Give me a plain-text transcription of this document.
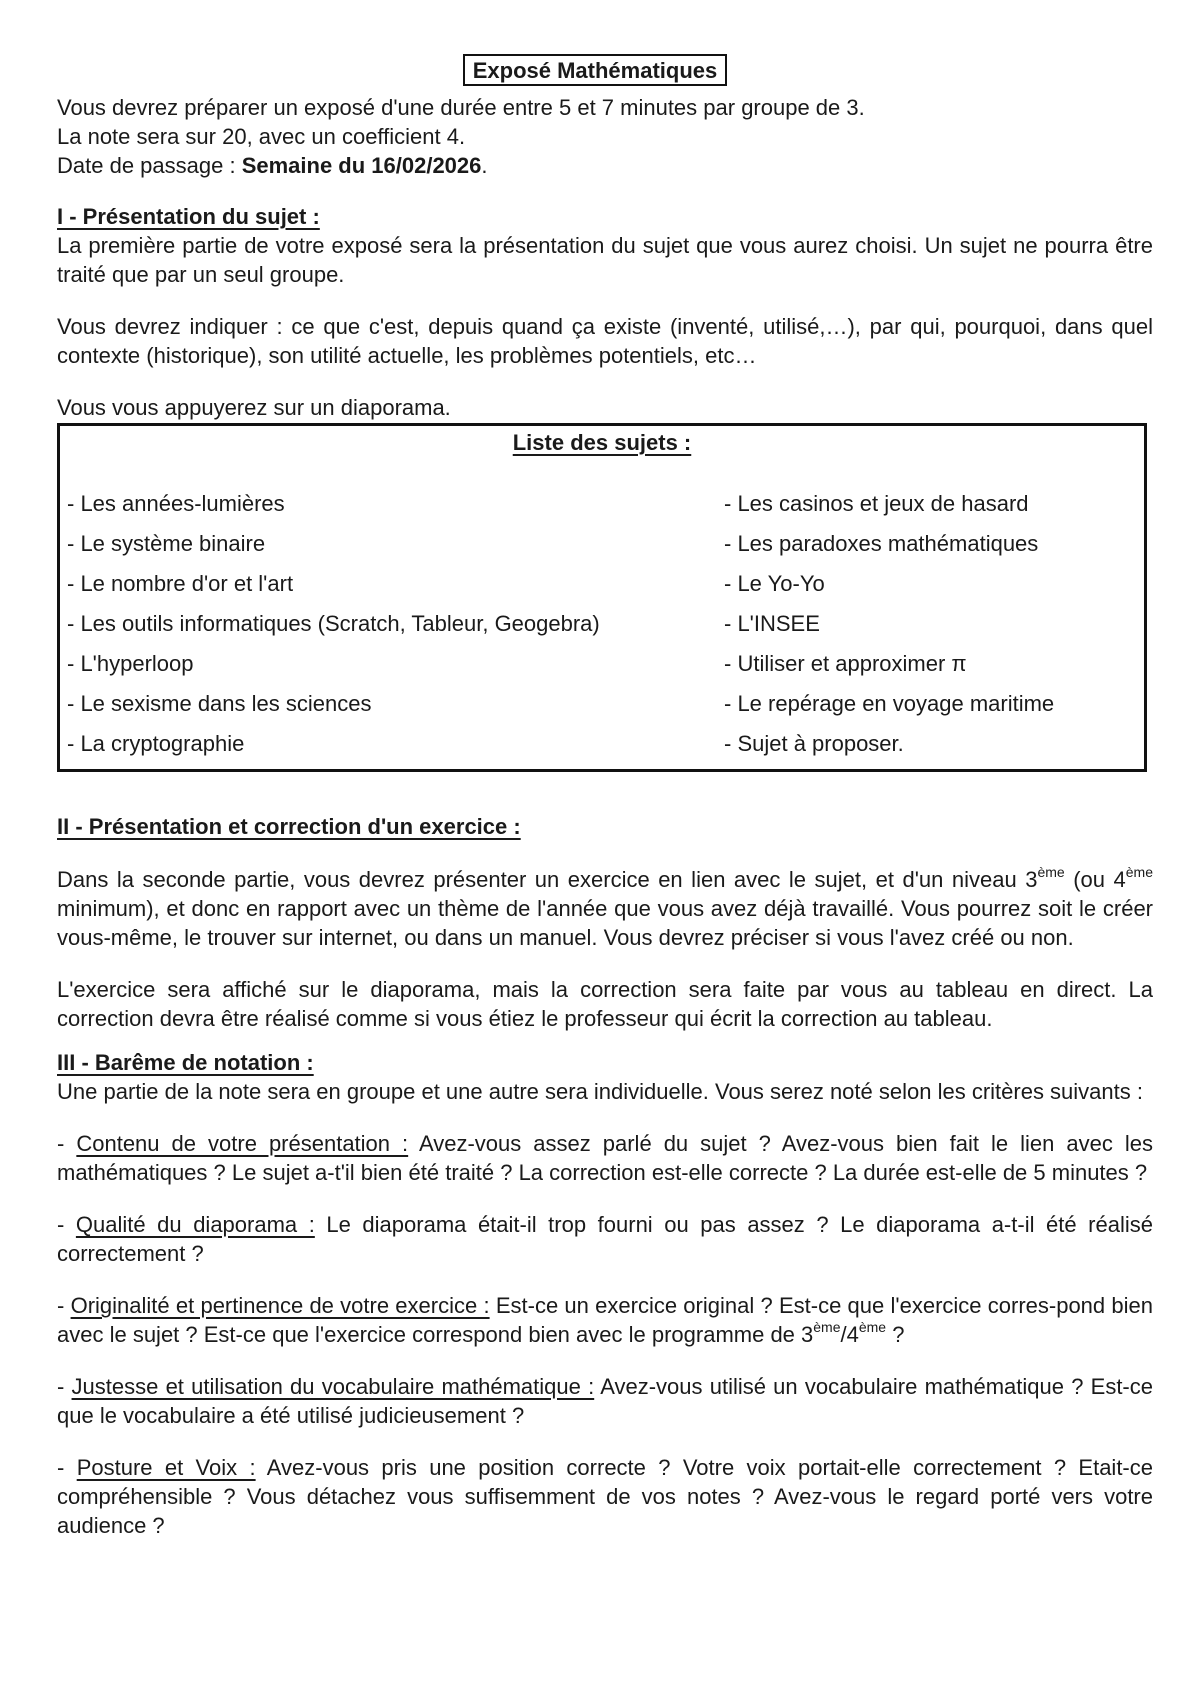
Exposé Mathématiques
Vous devrez préparer un exposé d'une durée entre 5 et 7 minutes par groupe de 3.
La note sera sur 20, avec un coefficient 4.
Date de passage : Semaine du 16/02/2026.
I - Présentation du sujet :

La première partie de votre exposé sera la présentation du sujet que vous aurez choisi. Un sujet ne pourra être traité que par un seul groupe.

Vous devrez indiquer : ce que c'est, depuis quand ça existe (inventé, utilisé,…), par qui, pourquoi, dans quel contexte (historique), son utilité actuelle, les problèmes potentiels, etc…

Vous vous appuyerez sur un diaporama.

Liste des sujets :
- Les années-lumières
- Le système binaire
- Le nombre d'or et l'art
- Les outils informatiques (Scratch, Tableur, Geogebra)
- L'hyperloop
- Le sexisme dans les sciences
- La cryptographie
- Les casinos et jeux de hasard
- Les paradoxes mathématiques
- Le Yo-Yo
- L'INSEE
- Utiliser et approximer π
- Le repérage en voyage maritime
- Sujet à proposer.
II - Présentation et correction d'un exercice :

Dans la seconde partie, vous devrez présenter un exercice en lien avec le sujet, et d'un niveau 3ème (ou 4ème minimum), et donc en rapport avec un thème de l'année que vous avez déjà travaillé. Vous pourrez soit le créer vous-même, le trouver sur internet, ou dans un manuel. Vous devrez préciser si vous l'avez créé ou non.

L'exercice sera affiché sur le diaporama, mais la correction sera faite par vous au tableau en direct. La correction devra être réalisé comme si vous étiez le professeur qui écrit la correction au tableau.

III - Barême de notation :

Une partie de la note sera en groupe et une autre sera individuelle. Vous serez noté selon les critères suivants :

- Contenu de votre présentation : Avez-vous assez parlé du sujet ? Avez-vous bien fait le lien avec les mathématiques ? Le sujet a-t'il bien été traité ? La correction est-elle correcte ? La durée est-elle de 5 minutes ?

- Qualité du diaporama : Le diaporama était-il trop fourni ou pas assez ? Le diaporama a-t-il été réalisé correctement ?

- Originalité et pertinence de votre exercice : Est-ce un exercice original ? Est-ce que l'exercice corres-pond bien avec le sujet ? Est-ce que l'exercice correspond bien avec le programme de 3ème/4ème ?

- Justesse et utilisation du vocabulaire mathématique : Avez-vous utilisé un vocabulaire mathématique ? Est-ce que le vocabulaire a été utilisé judicieusement ?

- Posture et Voix : Avez-vous pris une position correcte ? Votre voix portait-elle correctement ? Etait-ce compréhensible ? Vous détachez vous suffisemment de vos notes ? Avez-vous le regard porté vers votre audience ?
